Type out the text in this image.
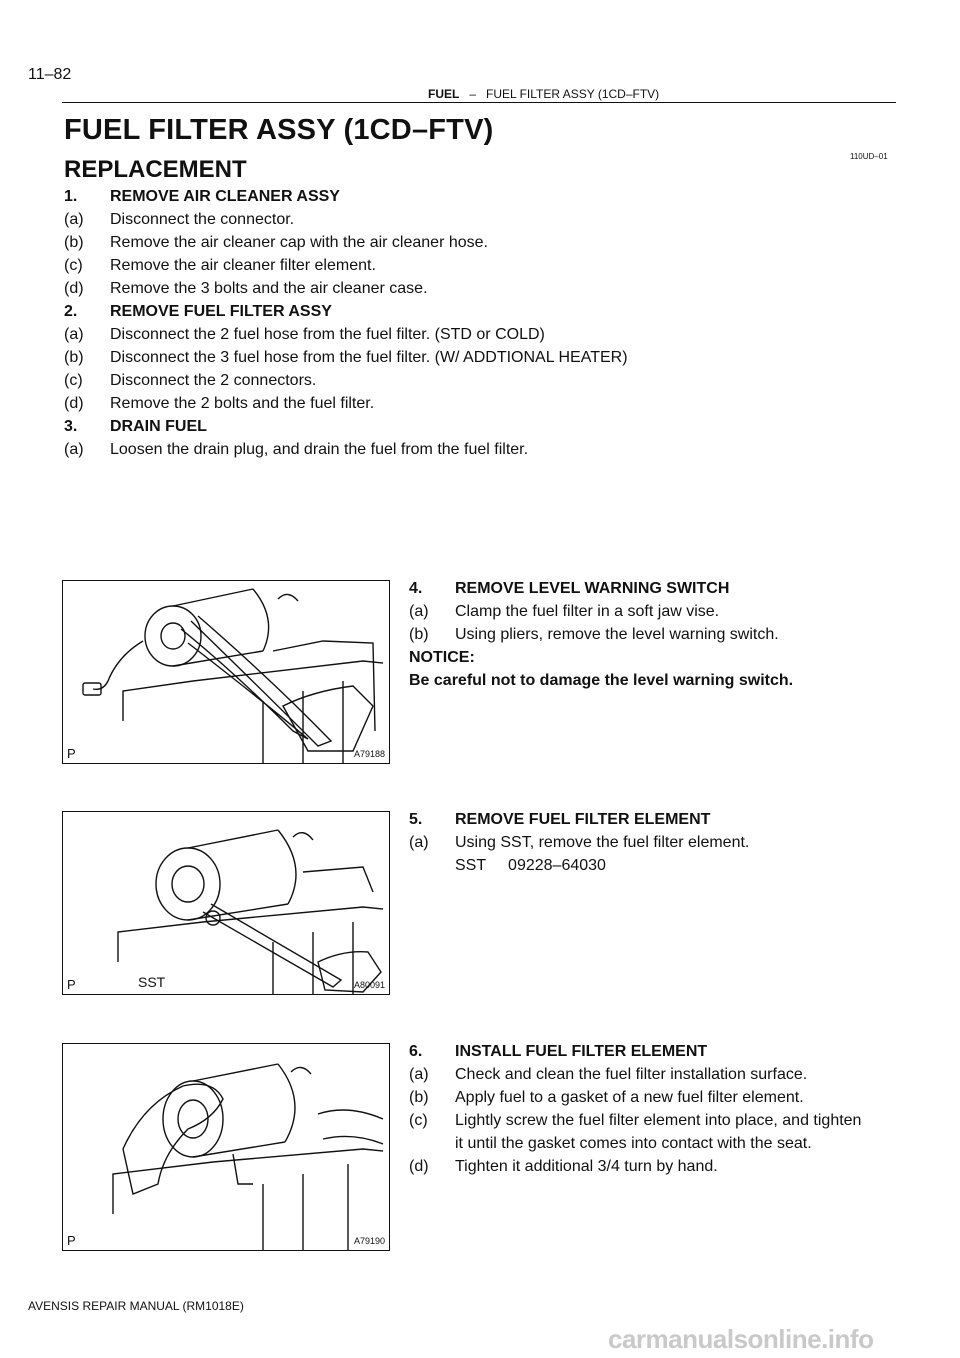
11–82
FUEL – FUEL FILTER ASSY (1CD–FTV)
FUEL FILTER ASSY (1CD–FTV)
110UD–01
REPLACEMENT
1. REMOVE AIR CLEANER ASSY
(a) Disconnect the connector.
(b) Remove the air cleaner cap with the air cleaner hose.
(c) Remove the air cleaner filter element.
(d) Remove the 3 bolts and the air cleaner case.
2. REMOVE FUEL FILTER ASSY
(a) Disconnect the 2 fuel hose from the fuel filter. (STD or COLD)
(b) Disconnect the 3 fuel hose from the fuel filter. (W/ ADDTIONAL HEATER)
(c) Disconnect the 2 connectors.
(d) Remove the 2 bolts and the fuel filter.
3. DRAIN FUEL
(a) Loosen the drain plug, and drain the fuel from the fuel filter.
P	A79188
4. REMOVE LEVEL WARNING SWITCH
(a) Clamp the fuel filter in a soft jaw vise.
(b) Using pliers, remove the level warning switch.
NOTICE:
Be careful not to damage the level warning switch.
P	SST	A80091
5. REMOVE FUEL FILTER ELEMENT
(a) Using SST, remove the fuel filter element.
SST     09228–64030
P	A79190
6. INSTALL FUEL FILTER ELEMENT
(a) Check and clean the fuel filter installation surface.
(b) Apply fuel to a gasket of a new fuel filter element.
(c) Lightly screw the fuel filter element into place, and tighten
it until the gasket comes into contact with the seat.
(d) Tighten it additional 3/4 turn by hand.
AVENSIS REPAIR MANUAL (RM1018E)
carmanualsonline.info
